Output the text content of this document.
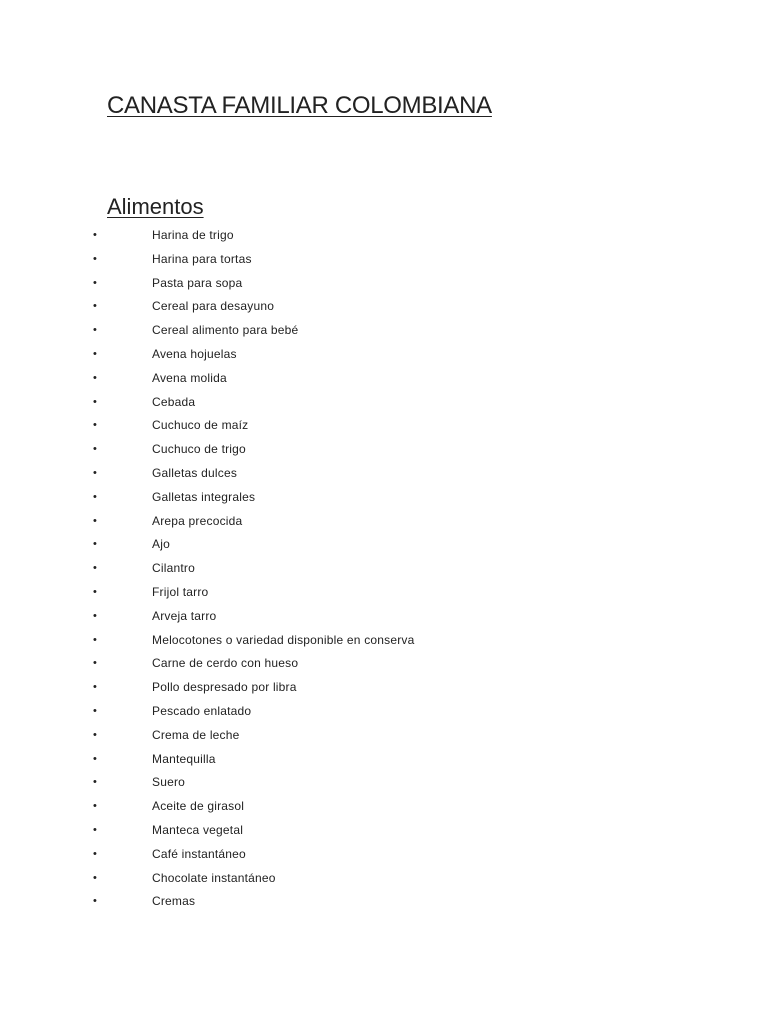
CANASTA FAMILIAR COLOMBIANA
Alimentos
•	Harina de trigo
•	Harina para tortas
•	Pasta para sopa
•	Cereal para desayuno
•	Cereal alimento para bebé
•	Avena hojuelas
•	Avena molida
•	Cebada
•	Cuchuco de maíz
•	Cuchuco de trigo
•	Galletas dulces
•	Galletas integrales
•	Arepa precocida
•	Ajo
•	Cilantro
•	Frijol tarro
•	Arveja tarro
•	Melocotones o variedad disponible en conserva
•	Carne de cerdo con hueso
•	Pollo despresado por libra
•	Pescado enlatado
•	Crema de leche
•	Mantequilla
•	Suero
•	Aceite de girasol
•	Manteca vegetal
•	Café instantáneo
•	Chocolate instantáneo
•	Cremas
